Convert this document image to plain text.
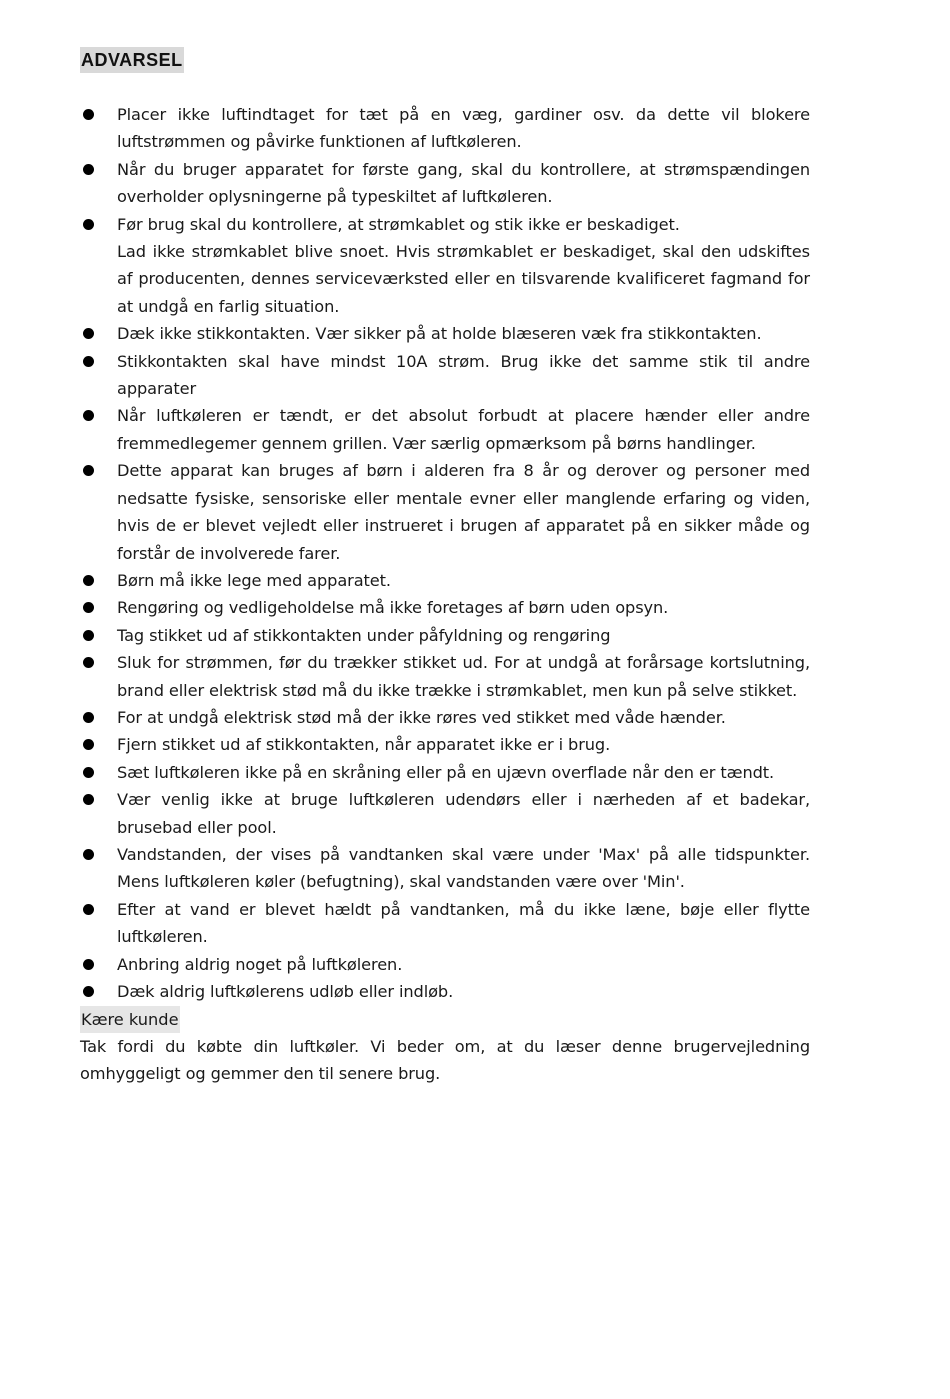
ADVARSEL
Placer ikke luftindtaget for tæt på en væg, gardiner osv. da dette vil blokere luftstrømmen og påvirke funktionen af luftkøleren.
Når du bruger apparatet for første gang, skal du kontrollere, at strømspændingen overholder oplysningerne på typeskiltet af luftkøleren.
Før brug skal du kontrollere, at strømkablet og stik ikke er beskadiget.
Lad ikke strømkablet blive snoet. Hvis strømkablet er beskadiget, skal den udskiftes af producenten, dennes serviceværksted eller en tilsvarende kvalificeret fagmand for at undgå en farlig situation.
Dæk ikke stikkontakten. Vær sikker på at holde blæseren væk fra stikkontakten.
Stikkontakten skal have mindst 10A strøm. Brug ikke det samme stik til andre apparater
Når luftkøleren er tændt, er det absolut forbudt at placere hænder eller andre fremmedlegemer gennem grillen. Vær særlig opmærksom på børns handlinger.
Dette apparat kan bruges af børn i alderen fra 8 år og derover og personer med nedsatte fysiske, sensoriske eller mentale evner eller manglende erfaring og viden, hvis de er blevet vejledt eller instrueret i brugen af apparatet på en sikker måde og forstår de involverede farer.
Børn må ikke lege med apparatet.
Rengøring og vedligeholdelse må ikke foretages af børn uden opsyn.
Tag stikket ud af stikkontakten under påfyldning og rengøring
Sluk for strømmen, før du trækker stikket ud. For at undgå at forårsage kortslutning, brand eller elektrisk stød må du ikke trække i strømkablet, men kun på selve stikket.
For at undgå elektrisk stød må der ikke røres ved stikket med våde hænder.
Fjern stikket ud af stikkontakten, når apparatet ikke er i brug.
Sæt luftkøleren ikke på en skråning eller på en ujævn overflade når den er tændt.
Vær venlig ikke at bruge luftkøleren udendørs eller i nærheden af et badekar, brusebad eller pool.
Vandstanden, der vises på vandtanken skal være under 'Max' på alle tidspunkter. Mens luftkøleren køler (befugtning), skal vandstanden være over 'Min'.
Efter at vand er blevet hældt på vandtanken, må du ikke læne, bøje eller flytte luftkøleren.
Anbring aldrig noget på luftkøleren.
Dæk aldrig luftkølerens udløb eller indløb.
Kære kunde

Tak fordi du købte din luftkøler. Vi beder om, at du læser denne brugervejledning omhyggeligt og gemmer den til senere brug.
